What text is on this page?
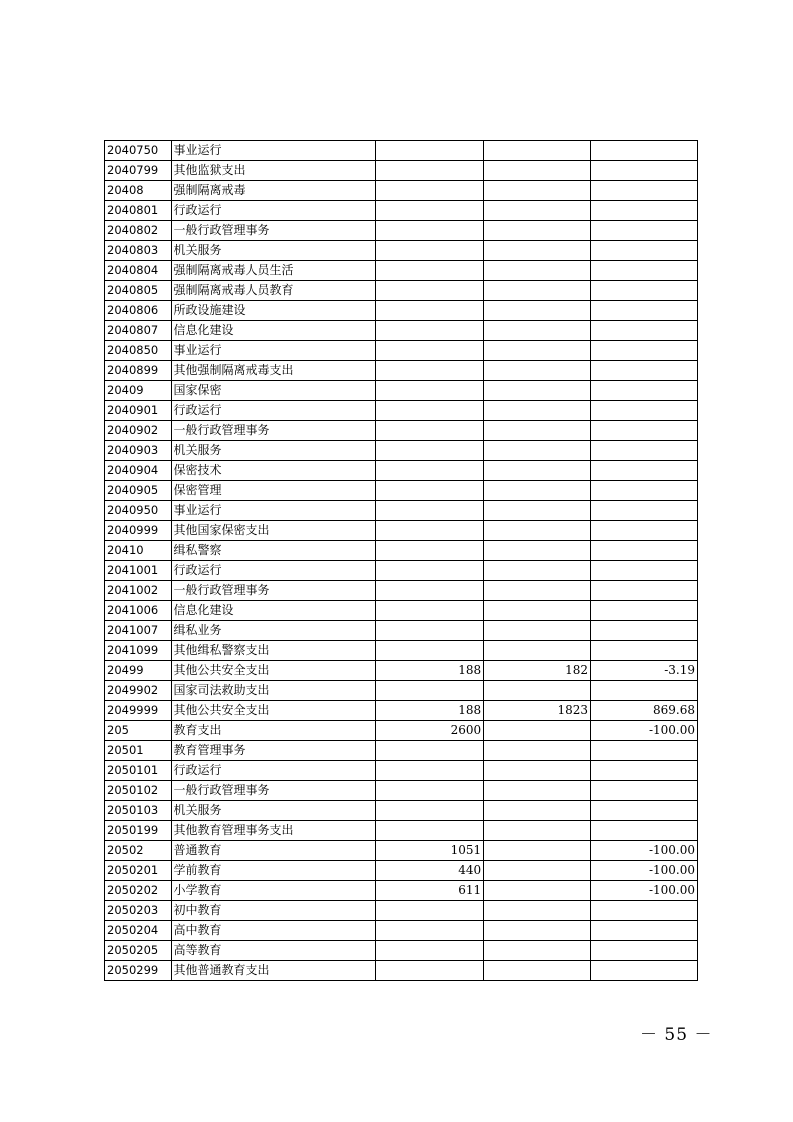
2040750	事业运行			
2040799	其他监狱支出			
20408	强制隔离戒毒			
2040801	行政运行			
2040802	一般行政管理事务			
2040803	机关服务			
2040804	强制隔离戒毒人员生活			
2040805	强制隔离戒毒人员教育			
2040806	所政设施建设			
2040807	信息化建设			
2040850	事业运行			
2040899	其他强制隔离戒毒支出			
20409	国家保密			
2040901	行政运行			
2040902	一般行政管理事务			
2040903	机关服务			
2040904	保密技术			
2040905	保密管理			
2040950	事业运行			
2040999	其他国家保密支出			
20410	缉私警察			
2041001	行政运行			
2041002	一般行政管理事务			
2041006	信息化建设			
2041007	缉私业务			
2041099	其他缉私警察支出			
20499	其他公共安全支出	188	182	-3.19
2049902	国家司法救助支出			
2049999	其他公共安全支出	188	1823	869.68
205	教育支出	2600		-100.00
20501	教育管理事务			
2050101	行政运行			
2050102	一般行政管理事务			
2050103	机关服务			
2050199	其他教育管理事务支出			
20502	普通教育	1051		-100.00
2050201	学前教育	440		-100.00
2050202	小学教育	611		-100.00
2050203	初中教育			
2050204	高中教育			
2050205	高等教育			
2050299	其他普通教育支出			
－ 55 －
